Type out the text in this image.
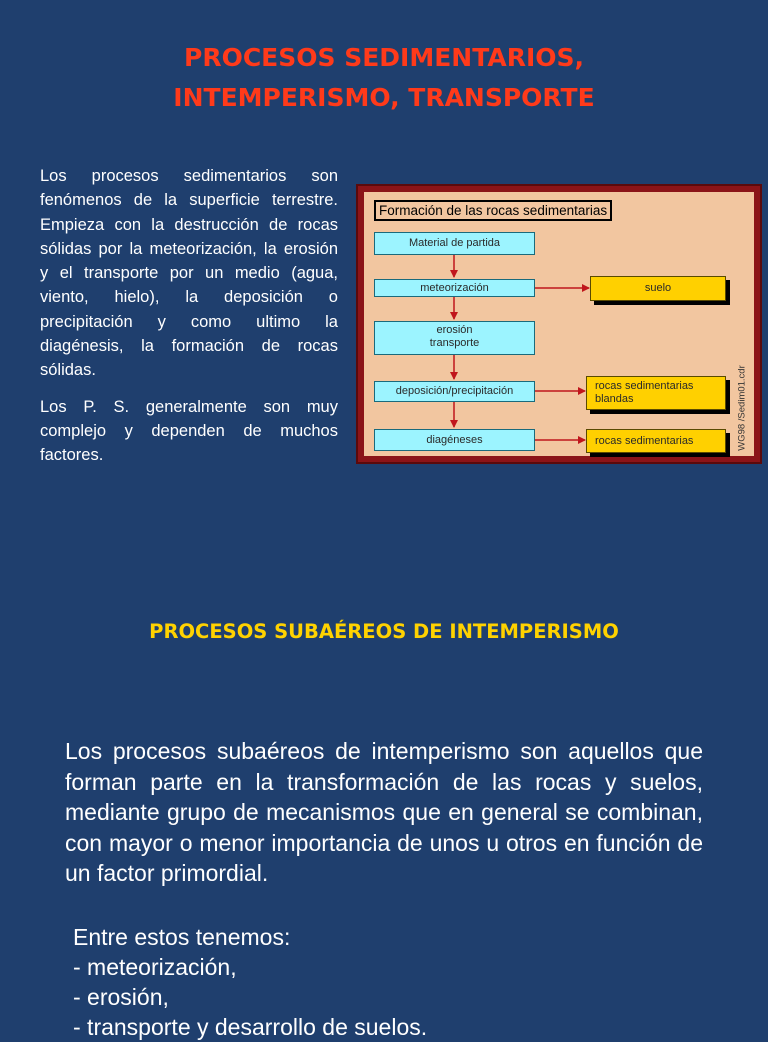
PROCESOS SEDIMENTARIOS,
INTEMPERISMO, TRANSPORTE

Los procesos sedimentarios son fenómenos de la superficie terrestre. Empieza con la destrucción de rocas sólidas por la meteorización, la erosión y el transporte por un medio (agua, viento, hielo), la deposición o precipitación y como ultimo la diagénesis, la formación de rocas sólidas.

Los P. S. generalmente son muy complejo y dependen de muchos factores.

Formación de las rocas sedimentarias
Material de partida
meteorización
erosión
transporte
deposición/precipitación
diagéneses
suelo
rocas sedimentarias
blandas
rocas sedimentarias	WG98 /Sedim01.cdr
PROCESOS SUBAÉREOS DE INTEMPERISMO
Los procesos subaéreos de intemperismo son aquellos que forman parte en la transformación de las rocas y suelos, mediante grupo de mecanismos que en general se combinan, con mayor o menor importancia de unos u otros en función de un factor primordial.
Entre estos tenemos:
- meteorización,
- erosión,
- transporte y desarrollo de suelos.
